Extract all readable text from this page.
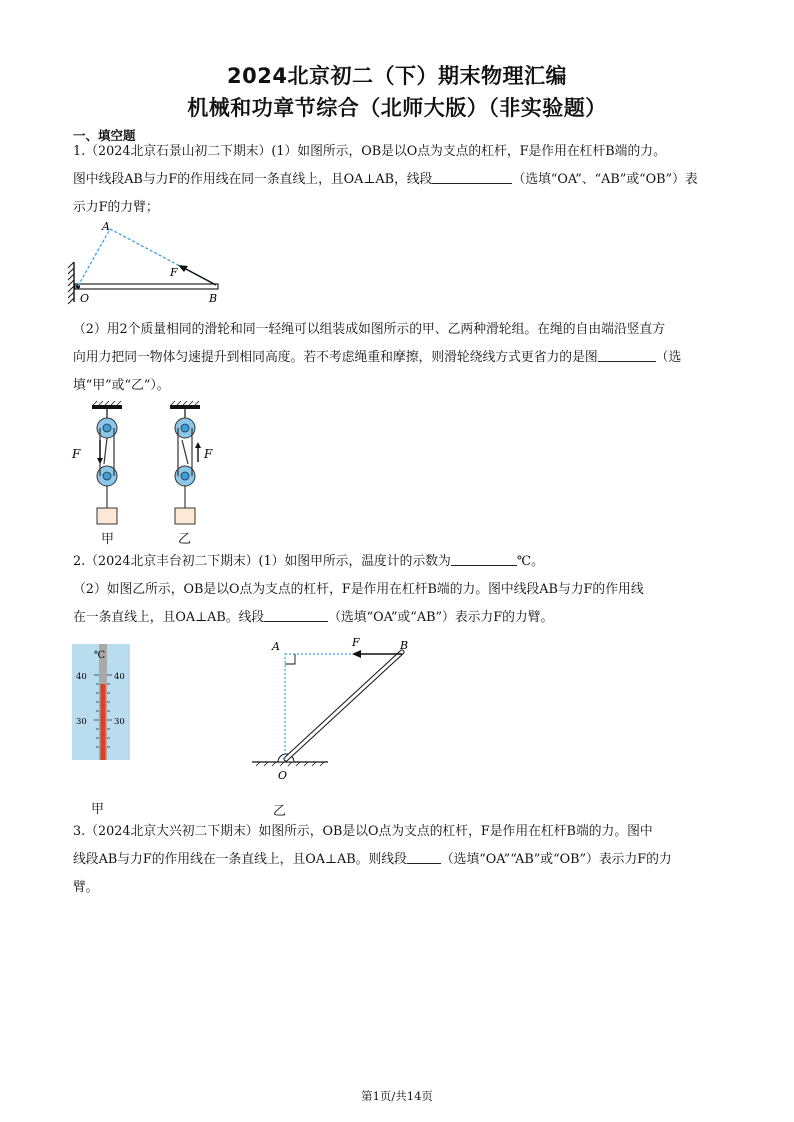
2024北京初二（下）期末物理汇编
机械和功章节综合（北师大版）（非实验题）
一、填空题
1.（2024北京石景山初二下期末）(1）如图所示，OB是以O点为支点的杠杆，F是作用在杠杆B端的力。
图中线段AB与力F的作用线在同一条直线上，且OA⊥AB，线段	（选填“OA”、“AB”或“OB”）表
示力F的力臂；
A
F
O	B
（2）用2个质量相同的滑轮和同一轻绳可以组装成如图所示的甲、乙两种滑轮组。在绳的自由端沿竖直方
向用力把同一物体匀速提升到相同高度。若不考虑绳重和摩擦，则滑轮绕线方式更省力的是图	（选
填“甲”或“乙”）。
F	F
甲	乙
2.（2024北京丰台初二下期末）(1）如图甲所示，温度计的示数为	℃。
（2）如图乙所示，OB是以O点为支点的杠杆，F是作用在杠杆B端的力。图中线段AB与力F的作用线
在一条直线上，且OA⊥AB。线段	（选填“OA”或“AB”）表示力F的力臂。
℃
40	40
30	30
甲
A	F	B
O
乙
3.（2024北京大兴初二下期末）如图所示，OB是以O点为支点的杠杆，F是作用在杠杆B端的力。图中
线段AB与力F的作用线在一条直线上，且OA⊥AB。则线段	（选填“OA”“AB”或“OB”）表示力F的力
臂。
第1页/共14页
